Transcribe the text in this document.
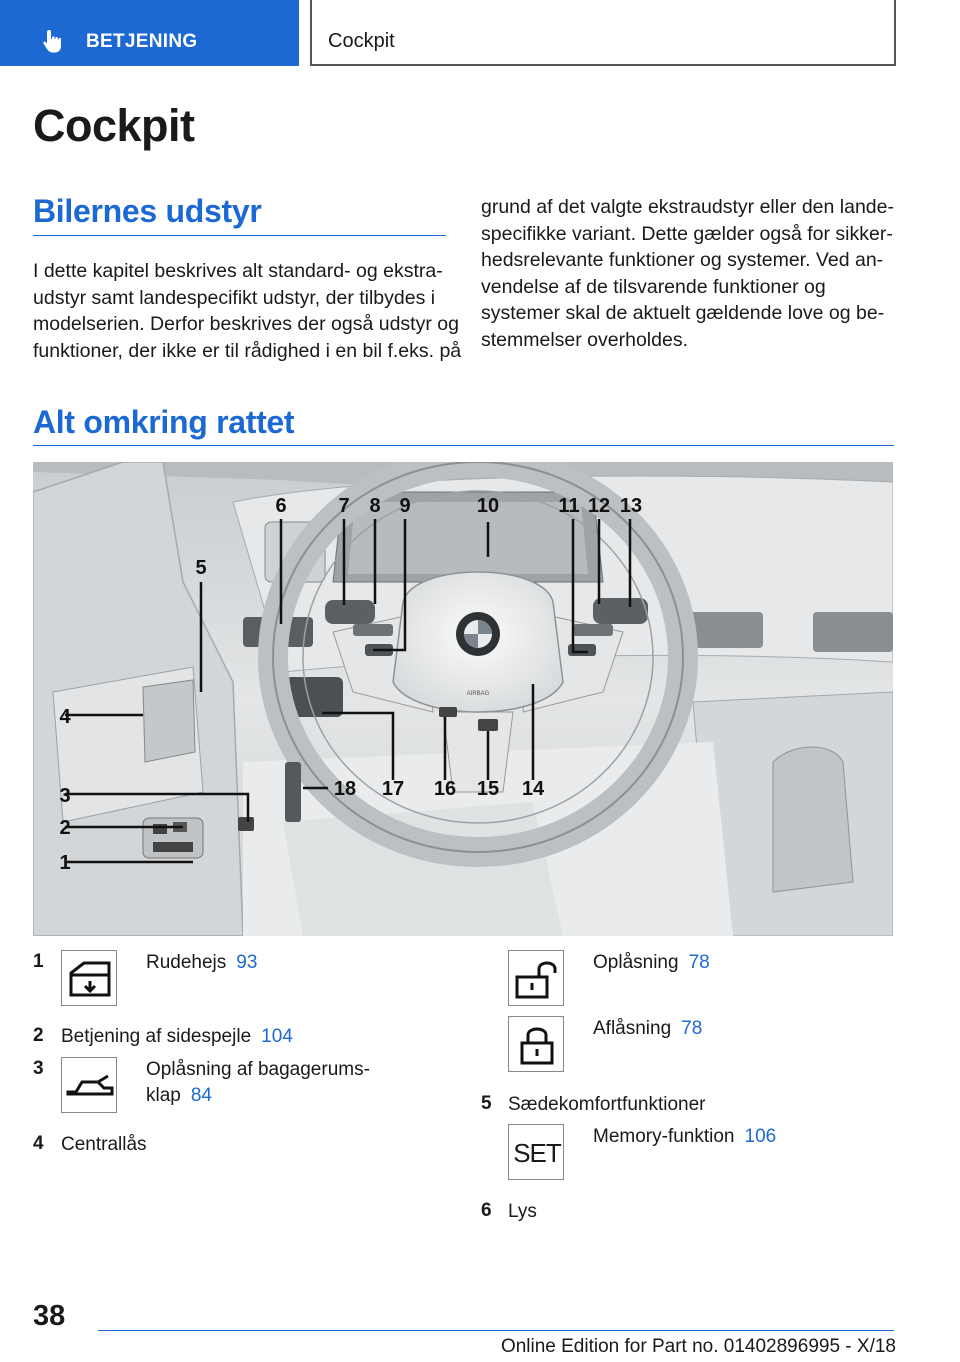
BETJENING	Cockpit
Cockpit
Bilernes udstyr
I dette kapitel beskrives alt standard- og ekstra-
udstyr samt landespecifikt udstyr, der tilbydes i
modelserien. Derfor beskrives der også udstyr og
funktioner, der ikke er til rådighed i en bil f.eks. på
grund af det valgte ekstraudstyr eller den lande-
specifikke variant. Dette gælder også for sikker-
hedsrelevante funktioner og systemer. Ved an-
vendelse af de tilsvarende funktioner og
systemer skal de aktuelt gældende love og be-
stemmelser overholdes.
Alt omkring rattet
AIRBAG
1
2
3
4
5
6	7 8 9	10	11 12 13
14
15
16
17
18
1	Rudehejs 93
2 Betjening af sidespejle 104
3	Oplåsning af bagagerums-
klap 84
4 Centrallås
Oplåsning 78
Aflåsning 78
5 Sædekomfortfunktioner
SET
Memory-funktion 106
6 Lys
38
Online Edition for Part no. 01402896995 - X/18
